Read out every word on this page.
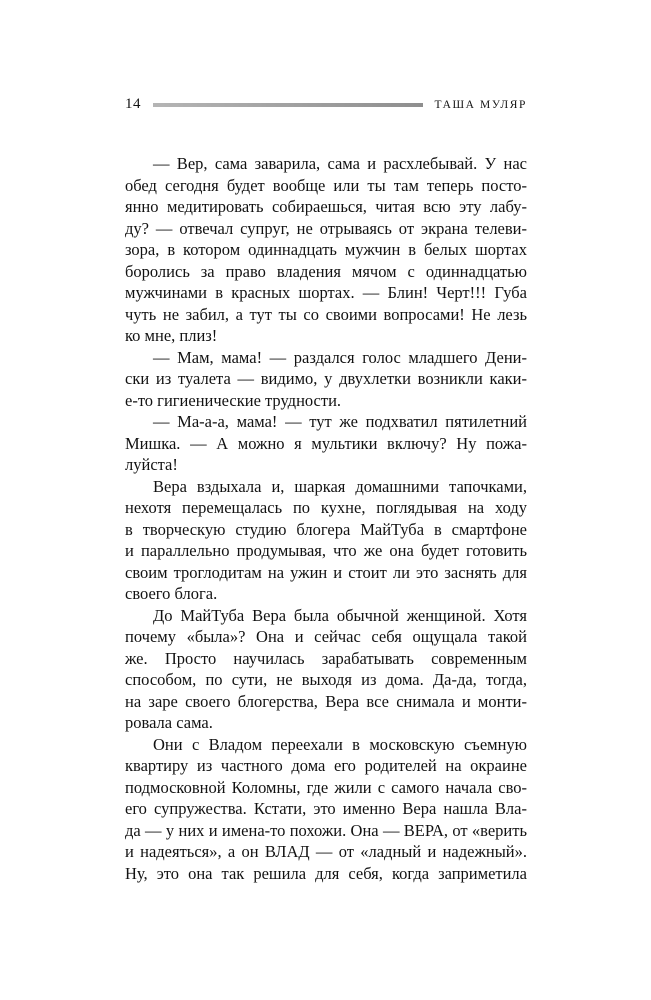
14	ТАША МУЛЯР
— Вер, сама заварила, сама и расхлебывай. У нас
обед сегодня будет вообще или ты там теперь посто-
янно медитировать собираешься, читая всю эту лабу-
ду? — отвечал супруг, не отрываясь от экрана телеви-
зора, в котором одиннадцать мужчин в белых шортах
боролись за право владения мячом с одиннадцатью
мужчинами в красных шортах. — Блин! Черт!!! Губа
чуть не забил, а тут ты со своими вопросами! Не лезь
ко мне, плиз!
— Мам, мама! — раздался голос младшего Дени-
ски из туалета — видимо, у двухлетки возникли каки-
е-то гигиенические трудности.
— Ма-а-а, мама! — тут же подхватил пятилетний
Мишка. — А можно я мультики включу? Ну пожа-
луйста!
Вера вздыхала и, шаркая домашними тапочками,
нехотя перемещалась по кухне, поглядывая на ходу
в творческую студию блогера МайТуба в смартфоне
и параллельно продумывая, что же она будет готовить
своим троглодитам на ужин и стоит ли это заснять для
своего блога.
До МайТуба Вера была обычной женщиной. Хотя
почему «была»? Она и сейчас себя ощущала такой
же. Просто научилась зарабатывать современным
способом, по сути, не выходя из дома. Да-да, тогда,
на заре своего блогерства, Вера все снимала и монти-
ровала сама.
Они с Владом переехали в московскую съемную
квартиру из частного дома его родителей на окраине
подмосковной Коломны, где жили с самого начала сво-
его супружества. Кстати, это именно Вера нашла Вла-
да — у них и имена-то похожи. Она — ВЕРА, от «верить
и надеяться», а он ВЛАД — от «ладный и надежный».
Ну, это она так решила для себя, когда заприметила
